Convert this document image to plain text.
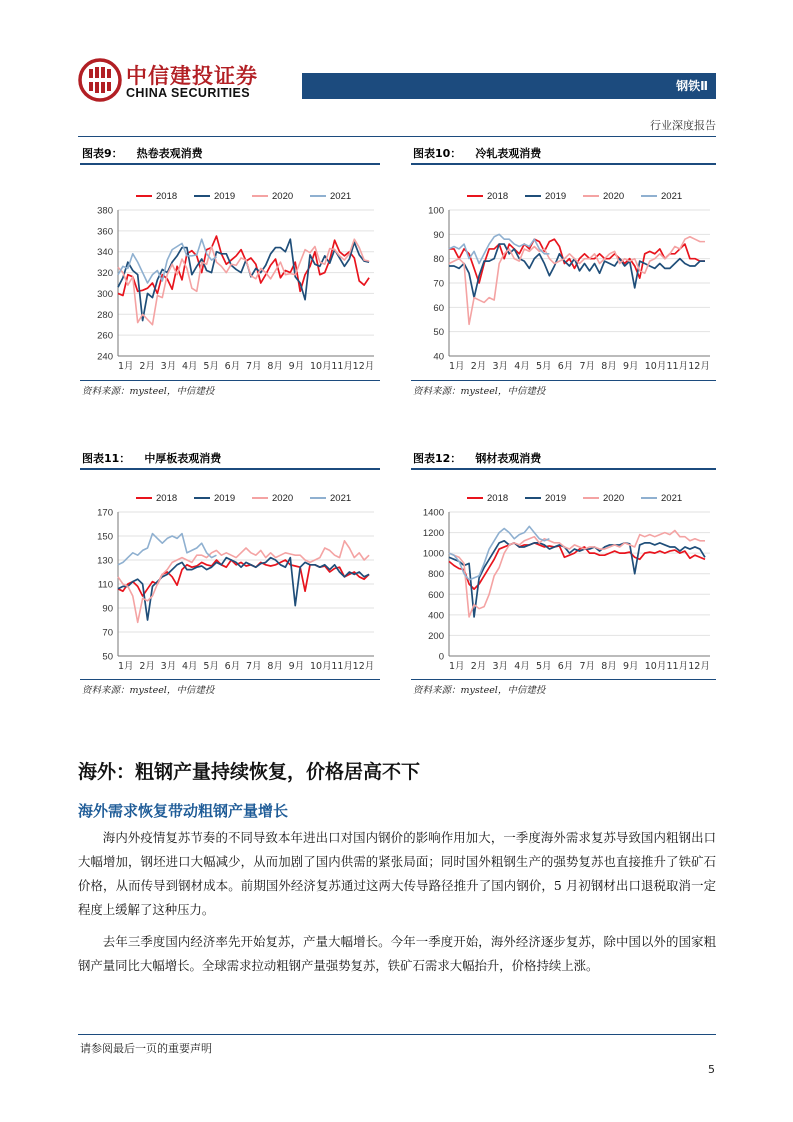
中信建投证券
CHINA SECURITIES	钢铁Ⅱ
行业深度报告
图表9： 热卷表观消费
240
260
280
300
320
340
360
380
1月 2月 3月 4月 5月 6月 7月 8月 9月 10月 11月 12月
2018	2019	2020	2021
资料来源：mysteel，中信建投
图表10： 冷轧表观消费
40
50
60
70
80
90
100
1月 2月 3月 4月 5月 6月 7月 8月 9月 10月 11月 12月
2018	2019	2020	2021
资料来源：mysteel，中信建投
图表11： 中厚板表观消费
50
70
90
110
130
150
170
1月 2月 3月 4月 5月 6月 7月 8月 9月 10月 11月 12月
2018	2019	2020	2021
资料来源：mysteel，中信建投
图表12： 钢材表观消费
0
200
400
600
800
1000
1200
1400
1月 2月 3月 4月 5月 6月 7月 8月 9月 10月 11月 12月
2018	2019	2020	2021
资料来源：mysteel，中信建投
海外：粗钢产量持续恢复，价格居高不下
海外需求恢复带动粗钢产量增长
海内外疫情复苏节奏的不同导致本年进出口对国内钢价的影响作用加大，一季度海外需求复苏导致国内粗钢出口大幅增加，钢坯进口大幅减少，从而加剧了国内供需的紧张局面；同时国外粗钢生产的强势复苏也直接推升了铁矿石价格，从而传导到钢材成本。前期国外经济复苏通过这两大传导路径推升了国内钢价，5 月初钢材出口退税取消一定程度上缓解了这种压力。
去年三季度国内经济率先开始复苏，产量大幅增长。今年一季度开始，海外经济逐步复苏，除中国以外的国家粗钢产量同比大幅增长。全球需求拉动粗钢产量强势复苏，铁矿石需求大幅抬升，价格持续上涨。
请参阅最后一页的重要声明
5
